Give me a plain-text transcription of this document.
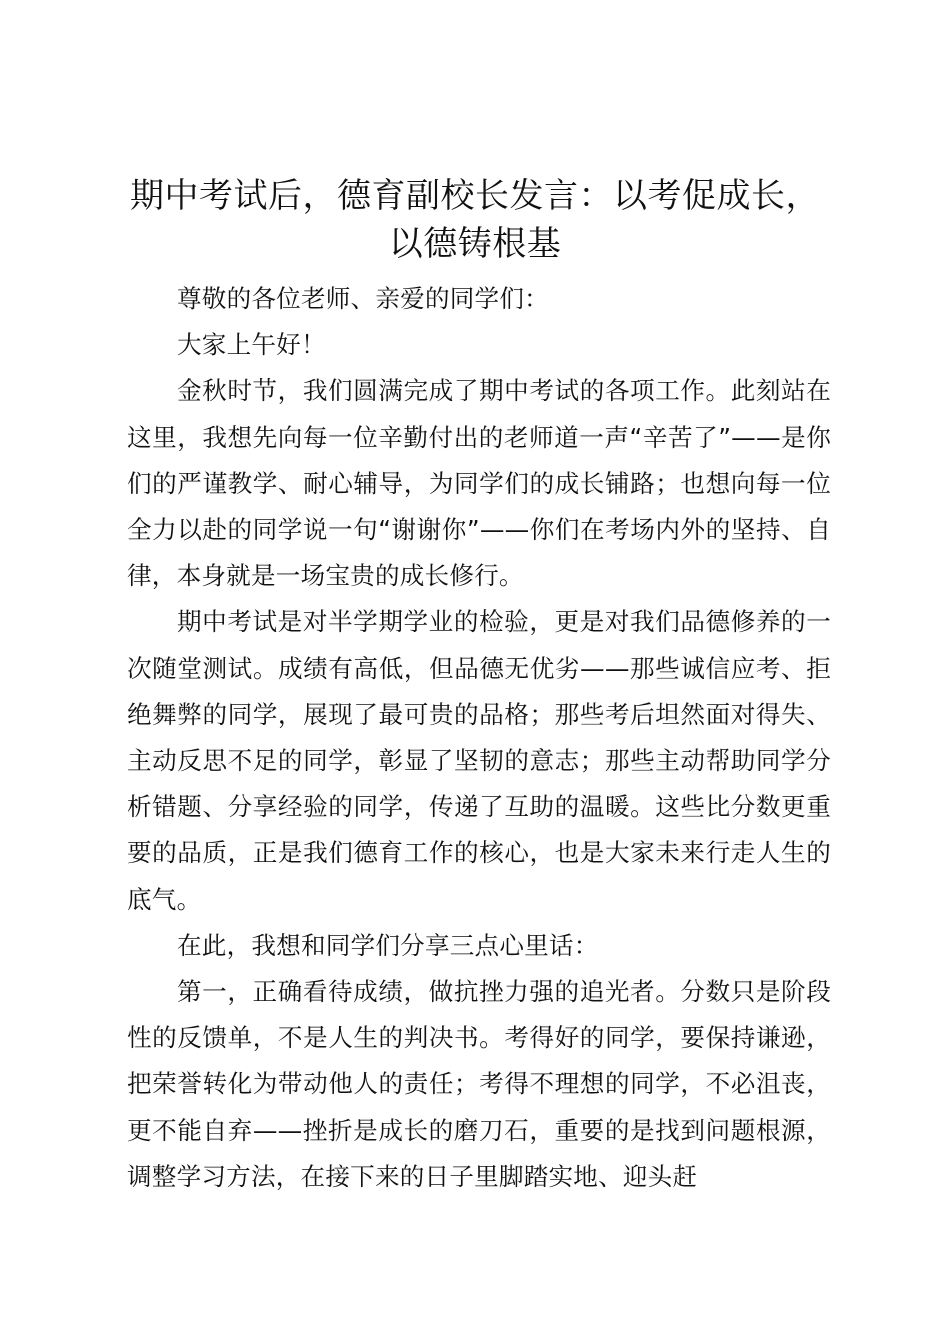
期中考试后，德育副校长发言：以考促成长，
以德铸根基

尊敬的各位老师、亲爱的同学们：

大家上午好！

金秋时节，我们圆满完成了期中考试的各项工作。此刻站在这里，我想先向每一位辛勤付出的老师道一声“辛苦了”——是你们的严谨教学、耐心辅导，为同学们的成长铺路；也想向每一位全力以赴的同学说一句“谢谢你”——你们在考场内外的坚持、自律，本身就是一场宝贵的成长修行。

期中考试是对半学期学业的检验，更是对我们品德修养的一次随堂测试。成绩有高低，但品德无优劣——那些诚信应考、拒绝舞弊的同学，展现了最可贵的品格；那些考后坦然面对得失、主动反思不足的同学，彰显了坚韧的意志；那些主动帮助同学分析错题、分享经验的同学，传递了互助的温暖。这些比分数更重要的品质，正是我们德育工作的核心，也是大家未来行走人生的底气。

在此，我想和同学们分享三点心里话：

第一，正确看待成绩，做抗挫力强的追光者。分数只是阶段性的反馈单，不是人生的判决书。考得好的同学，要保持谦逊，把荣誉转化为带动他人的责任；考得不理想的同学，不必沮丧，更不能自弃——挫折是成长的磨刀石，重要的是找到问题根源，调整学习方法，在接下来的日子里脚踏实地、迎头赶
